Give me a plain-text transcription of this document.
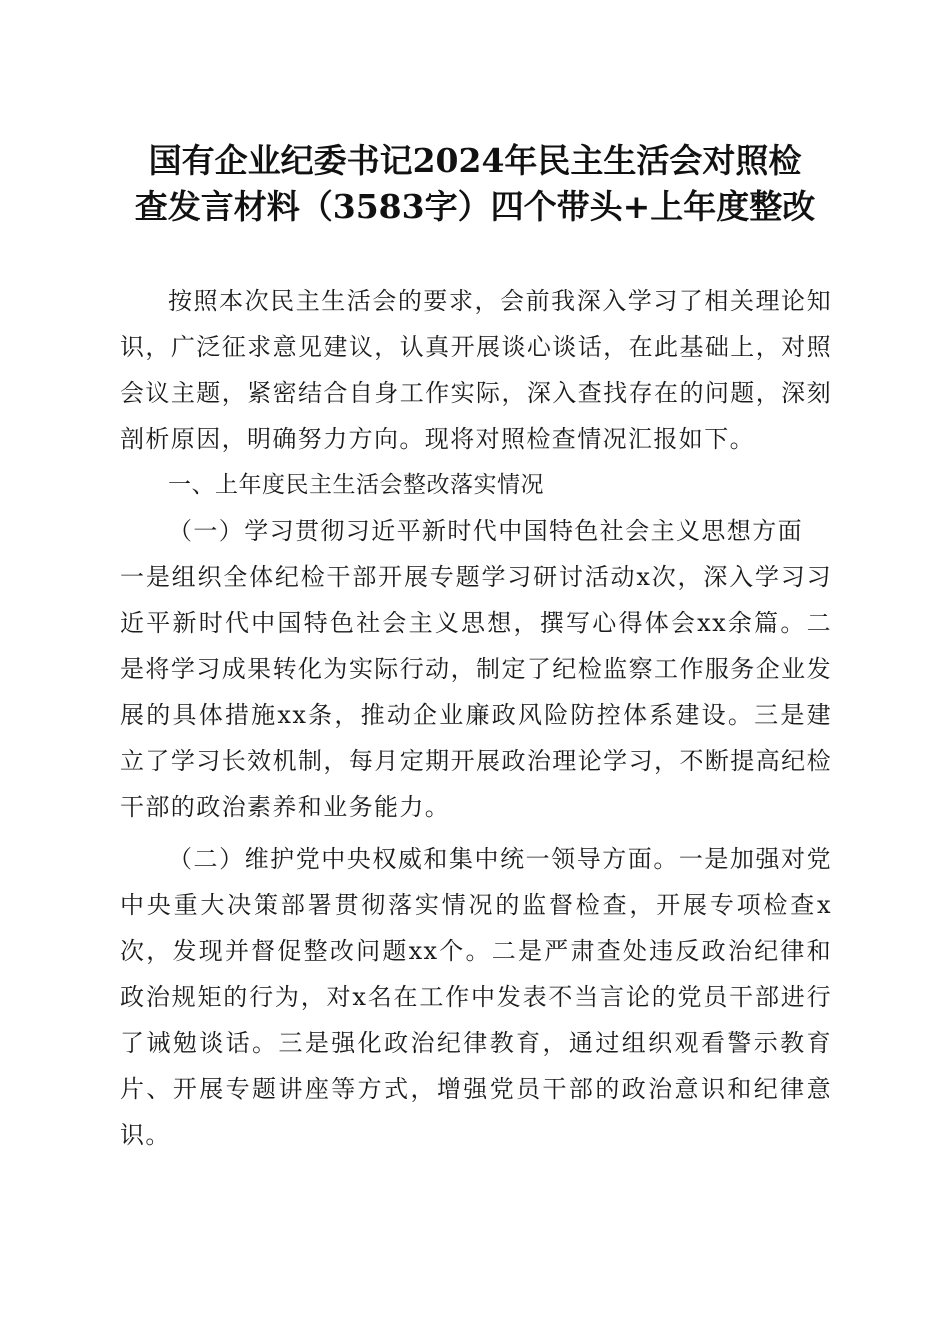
国有企业纪委书记2024年民主生活会对照检
查发言材料（3583字）四个带头+上年度整改

按照本次民主生活会的要求，会前我深入学习了相关理论知识，广泛征求意见建议，认真开展谈心谈话，在此基础上，对照会议主题，紧密结合自身工作实际，深入查找存在的问题，深刻剖析原因，明确努力方向。现将对照检查情况汇报如下。

一、上年度民主生活会整改落实情况

（一）学习贯彻习近平新时代中国特色社会主义思想方面

一是组织全体纪检干部开展专题学习研讨活动x次，深入学习习近平新时代中国特色社会主义思想，撰写心得体会xx余篇。二是将学习成果转化为实际行动，制定了纪检监察工作服务企业发展的具体措施xx条，推动企业廉政风险防控体系建设。三是建立了学习长效机制，每月定期开展政治理论学习，不断提高纪检干部的政治素养和业务能力。

（二）维护党中央权威和集中统一领导方面。一是加强对党中央重大决策部署贯彻落实情况的监督检查，开展专项检查x次，发现并督促整改问题xx个。二是严肃查处违反政治纪律和政治规矩的行为，对x名在工作中发表不当言论的党员干部进行了诫勉谈话。三是强化政治纪律教育，通过组织观看警示教育片、开展专题讲座等方式，增强党员干部的政治意识和纪律意识。
